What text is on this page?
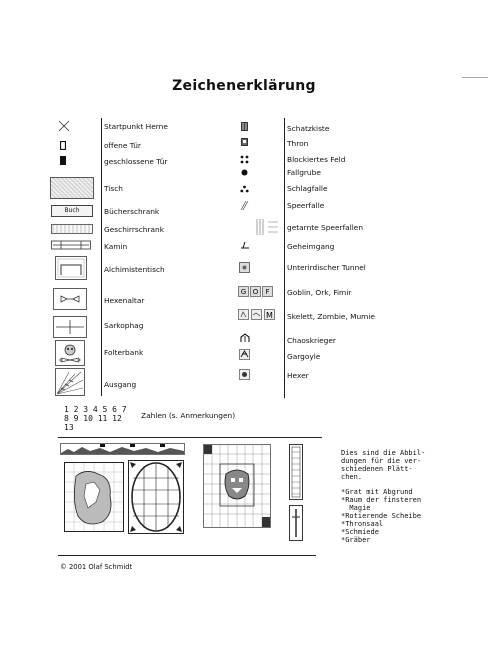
Zeichenerklärung
Startpunkt Herne
offene Tür
geschlossene Tür
Tisch
Buch	Bücherschrank
Geschirrschrank
Kamin
Alchimistentisch
Hexenaltar
Sarkophag
Folterbank
Ausgang
Schatzkiste
Thron
Blockiertes Feld
Fallgrube
Schlagfalle
Speerfalle
getarnte Speerfallen
Geheimgang
Unterirdischer Tunnel
G O F Goblin, Ork, Fimir
M Skelett, Zombie, Mumie
Chaoskrieger
Gargoyle
Hexer
1 2 3 4 5 6 7
8 9 10 11 12
13
Zahlen (s. Anmerkungen)
Dies sind die Abbil-
dungen für die ver-
schiedenen Plätt-
chen.
*Grat mit Abgrund
*Raum der finsteren
Magie
*Rotierende Scheibe
*Thronsaal
*Schmiede
*Gräber
© 2001 Olaf Schmidt
